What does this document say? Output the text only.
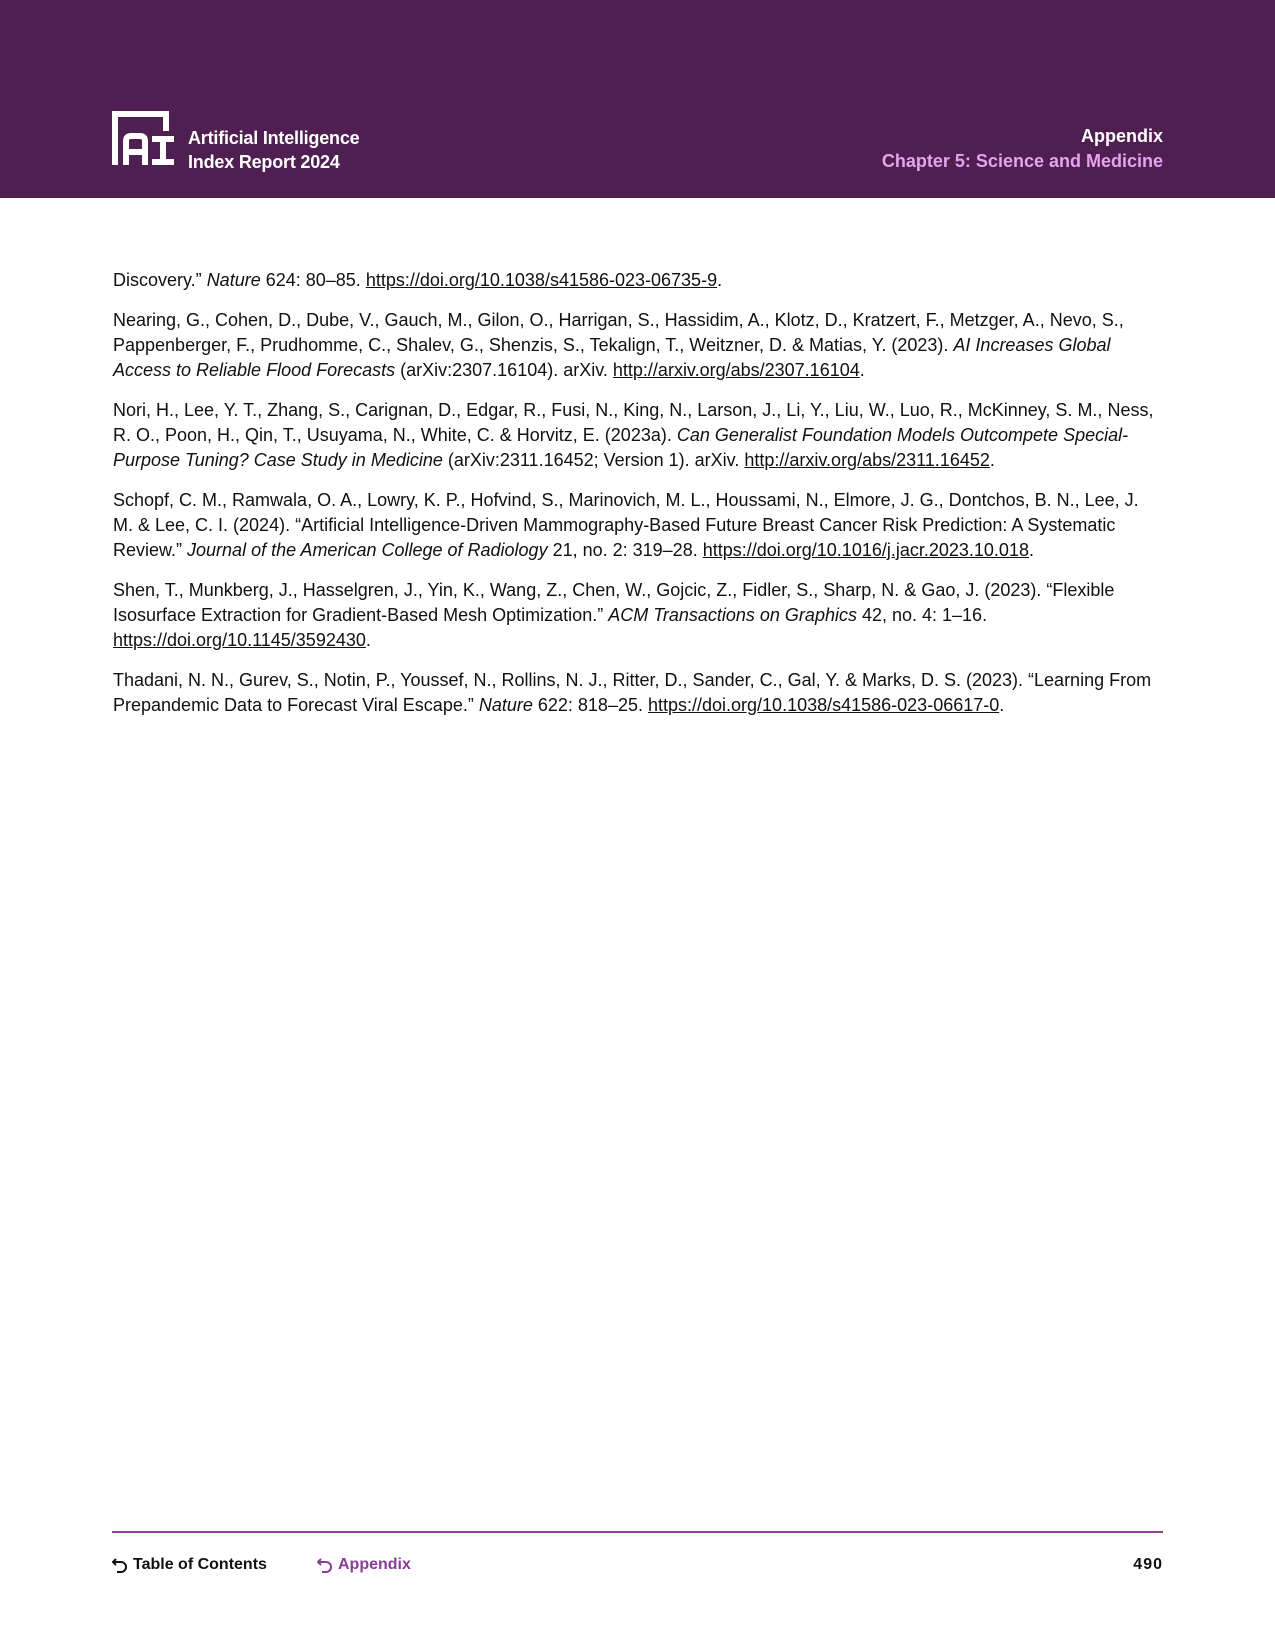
Artificial Intelligence
Index Report 2024
Appendix
Chapter 5: Science and Medicine

Discovery.” Nature 624: 80–85. https://doi.org/10.1038/s41586-023-06735-9.

Nearing, G., Cohen, D., Dube, V., Gauch, M., Gilon, O., Harrigan, S., Hassidim, A., Klotz, D., Kratzert, F., Metzger, A., Nevo, S., Pappenberger, F., Prudhomme, C., Shalev, G., Shenzis, S., Tekalign, T., Weitzner, D. & Matias, Y. (2023). AI Increases Global Access to Reliable Flood Forecasts (arXiv:2307.16104). arXiv. http://arxiv.org/abs/2307.16104.

Nori, H., Lee, Y. T., Zhang, S., Carignan, D., Edgar, R., Fusi, N., King, N., Larson, J., Li, Y., Liu, W., Luo, R., McKinney, S. M., Ness, R. O., Poon, H., Qin, T., Usuyama, N., White, C. & Horvitz, E. (2023a). Can Generalist Foundation Models Outcompete Special-Purpose Tuning? Case Study in Medicine (arXiv:2311.16452; Version 1). arXiv. http://arxiv.org/abs/2311.16452.

Schopf, C. M., Ramwala, O. A., Lowry, K. P., Hofvind, S., Marinovich, M. L., Houssami, N., Elmore, J. G., Dontchos, B. N., Lee, J. M. & Lee, C. I. (2024). “Artificial Intelligence-Driven Mammography-Based Future Breast Cancer Risk Prediction: A Systematic Review.” Journal of the American College of Radiology 21, no. 2: 319–28. https://doi.org/10.1016/j.jacr.2023.10.018.

Shen, T., Munkberg, J., Hasselgren, J., Yin, K., Wang, Z., Chen, W., Gojcic, Z., Fidler, S., Sharp, N. & Gao, J. (2023). “Flexible Isosurface Extraction for Gradient-Based Mesh Optimization.” ACM Transactions on Graphics 42, no. 4: 1–16. https://doi.org/10.1145/3592430.

Thadani, N. N., Gurev, S., Notin, P., Youssef, N., Rollins, N. J., Ritter, D., Sander, C., Gal, Y. & Marks, D. S. (2023). “Learning From Prepandemic Data to Forecast Viral Escape.” Nature 622: 818–25. https://doi.org/10.1038/s41586-023-06617-0.

Table of Contents	Appendix	490
